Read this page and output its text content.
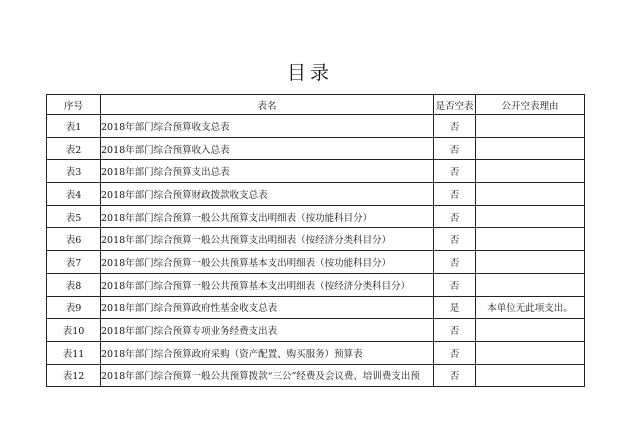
目录
序号	表名	是否空表	公开空表理由
表1	2018年部门综合预算收支总表	否	
表2	2018年部门综合预算收入总表	否	
表3	2018年部门综合预算支出总表	否	
表4	2018年部门综合预算财政拨款收支总表	否	
表5	2018年部门综合预算一般公共预算支出明细表（按功能科目分）	否	
表6	2018年部门综合预算一般公共预算支出明细表（按经济分类科目分）	否	
表7	2018年部门综合预算一般公共预算基本支出明细表（按功能科目分）	否	
表8	2018年部门综合预算一般公共预算基本支出明细表（按经济分类科目分）	否	
表9	2018年部门综合预算政府性基金收支总表	是	本单位无此项支出。
表10	2018年部门综合预算专项业务经费支出表	否	
表11	2018年部门综合预算政府采购（资产配置、购买服务）预算表	否	
表12	2018年部门综合预算一般公共预算拨款“三公”经费及会议费、培训费支出预	否	
